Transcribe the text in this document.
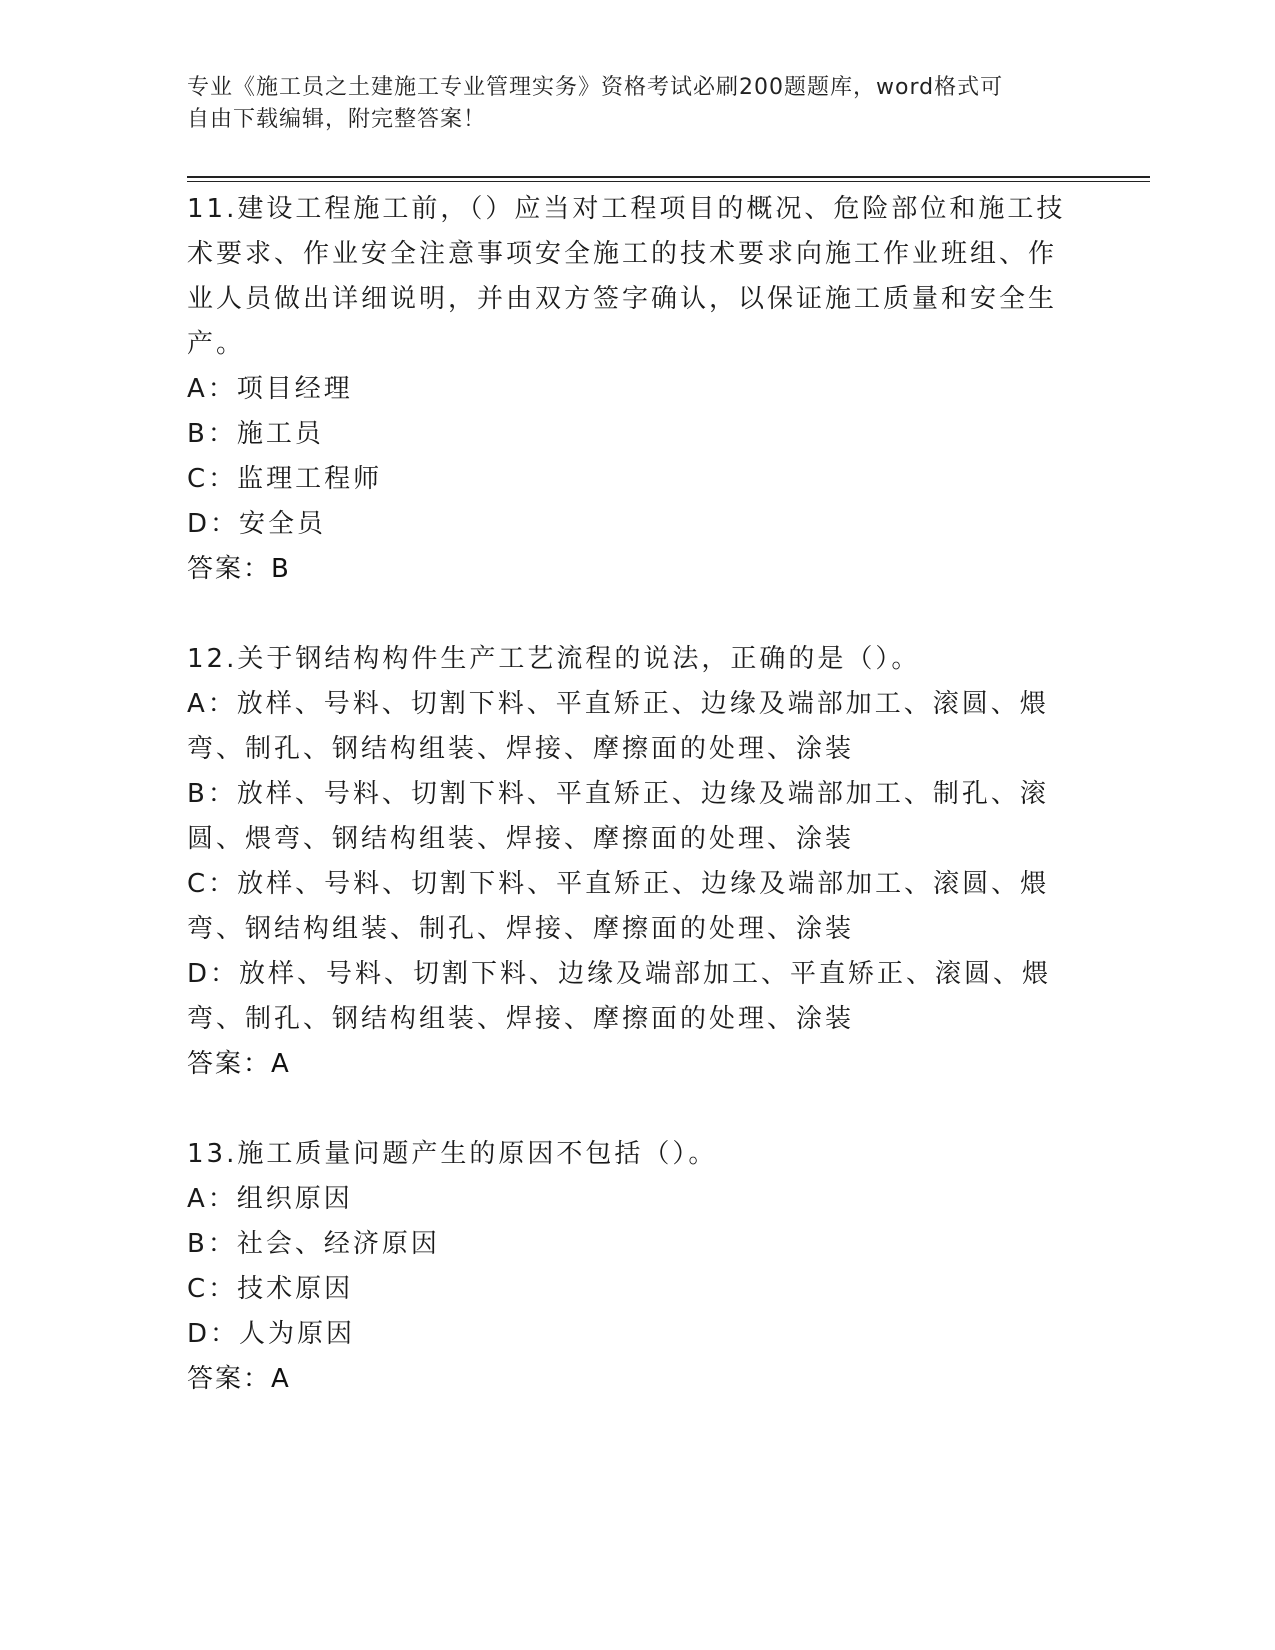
专业《施工员之土建施工专业管理实务》资格考试必刷200题题库，word格式可
自由下载编辑，附完整答案！

11.建设工程施工前，（）应当对工程项目的概况、危险部位和施工技术要求、作业安全注意事项安全施工的技术要求向施工作业班组、作业人员做出详细说明，并由双方签字确认，以保证施工质量和安全生产。

A：项目经理

B：施工员

C：监理工程师

D：安全员

答案：B

12.关于钢结构构件生产工艺流程的说法，正确的是（）。

A：放样、号料、切割下料、平直矫正、边缘及端部加工、滚圆、煨弯、制孔、钢结构组装、焊接、摩擦面的处理、涂装

B：放样、号料、切割下料、平直矫正、边缘及端部加工、制孔、滚圆、煨弯、钢结构组装、焊接、摩擦面的处理、涂装

C：放样、号料、切割下料、平直矫正、边缘及端部加工、滚圆、煨弯、钢结构组装、制孔、焊接、摩擦面的处理、涂装

D：放样、号料、切割下料、边缘及端部加工、平直矫正、滚圆、煨弯、制孔、钢结构组装、焊接、摩擦面的处理、涂装

答案：A

13.施工质量问题产生的原因不包括（）。

A：组织原因

B：社会、经济原因

C：技术原因

D：人为原因

答案：A
